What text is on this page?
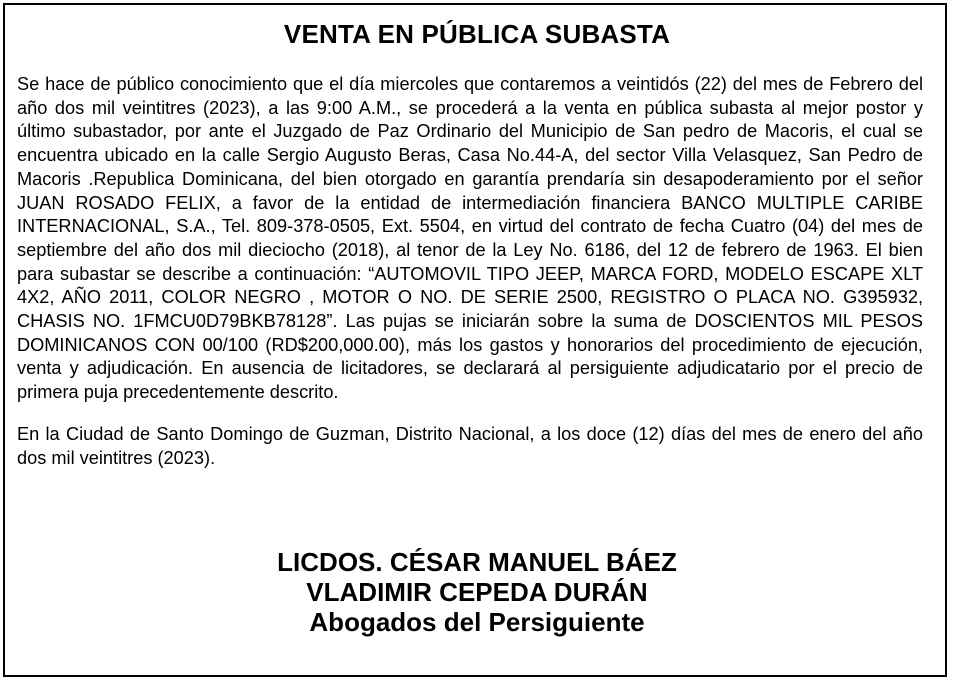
VENTA EN PÚBLICA SUBASTA

Se hace de público conocimiento que el día miercoles que contaremos a veintidós (22) del mes de Febrero del año dos mil veintitres (2023), a las 9:00 A.M., se procederá a la venta en pública subasta al mejor postor y último subastador, por ante el Juzgado de Paz Ordinario del Municipio de San pedro de Macoris, el cual se encuentra ubicado en la calle Sergio Augusto Beras, Casa No.44-A, del sector Villa Velasquez, San Pedro de Macoris .Republica Dominicana, del bien otorgado en garantía prendaría sin desapoderamiento por el señor JUAN ROSADO FELIX, a favor de la entidad de intermediación financiera BANCO MULTIPLE CARIBE INTERNACIONAL, S.A., Tel. 809-378-0505, Ext. 5504, en virtud del contrato de fecha Cuatro (04) del mes de septiembre del año dos mil dieciocho (2018), al tenor de la Ley No. 6186, del 12 de febrero de 1963. El bien para subastar se describe a continuación: “AUTOMOVIL TIPO JEEP, MARCA FORD, MODELO ESCAPE XLT 4X2, AÑO 2011, COLOR NEGRO , MOTOR O NO. DE SERIE 2500, REGISTRO O PLACA NO. G395932, CHASIS NO. 1FMCU0D79BKB78128”. Las pujas se iniciarán sobre la suma de DOSCIENTOS MIL PESOS DOMINICANOS CON 00/100 (RD$200,000.00), más los gastos y honorarios del procedimiento de ejecución, venta y adjudicación. En ausencia de licitadores, se declarará al persiguiente adjudicatario por el precio de primera puja precedentemente descrito.

En la Ciudad de Santo Domingo de Guzman, Distrito Nacional, a los doce (12) días del mes de enero del año dos mil veintitres (2023).

LICDOS. CÉSAR MANUEL BÁEZ
VLADIMIR CEPEDA DURÁN
Abogados del Persiguiente
